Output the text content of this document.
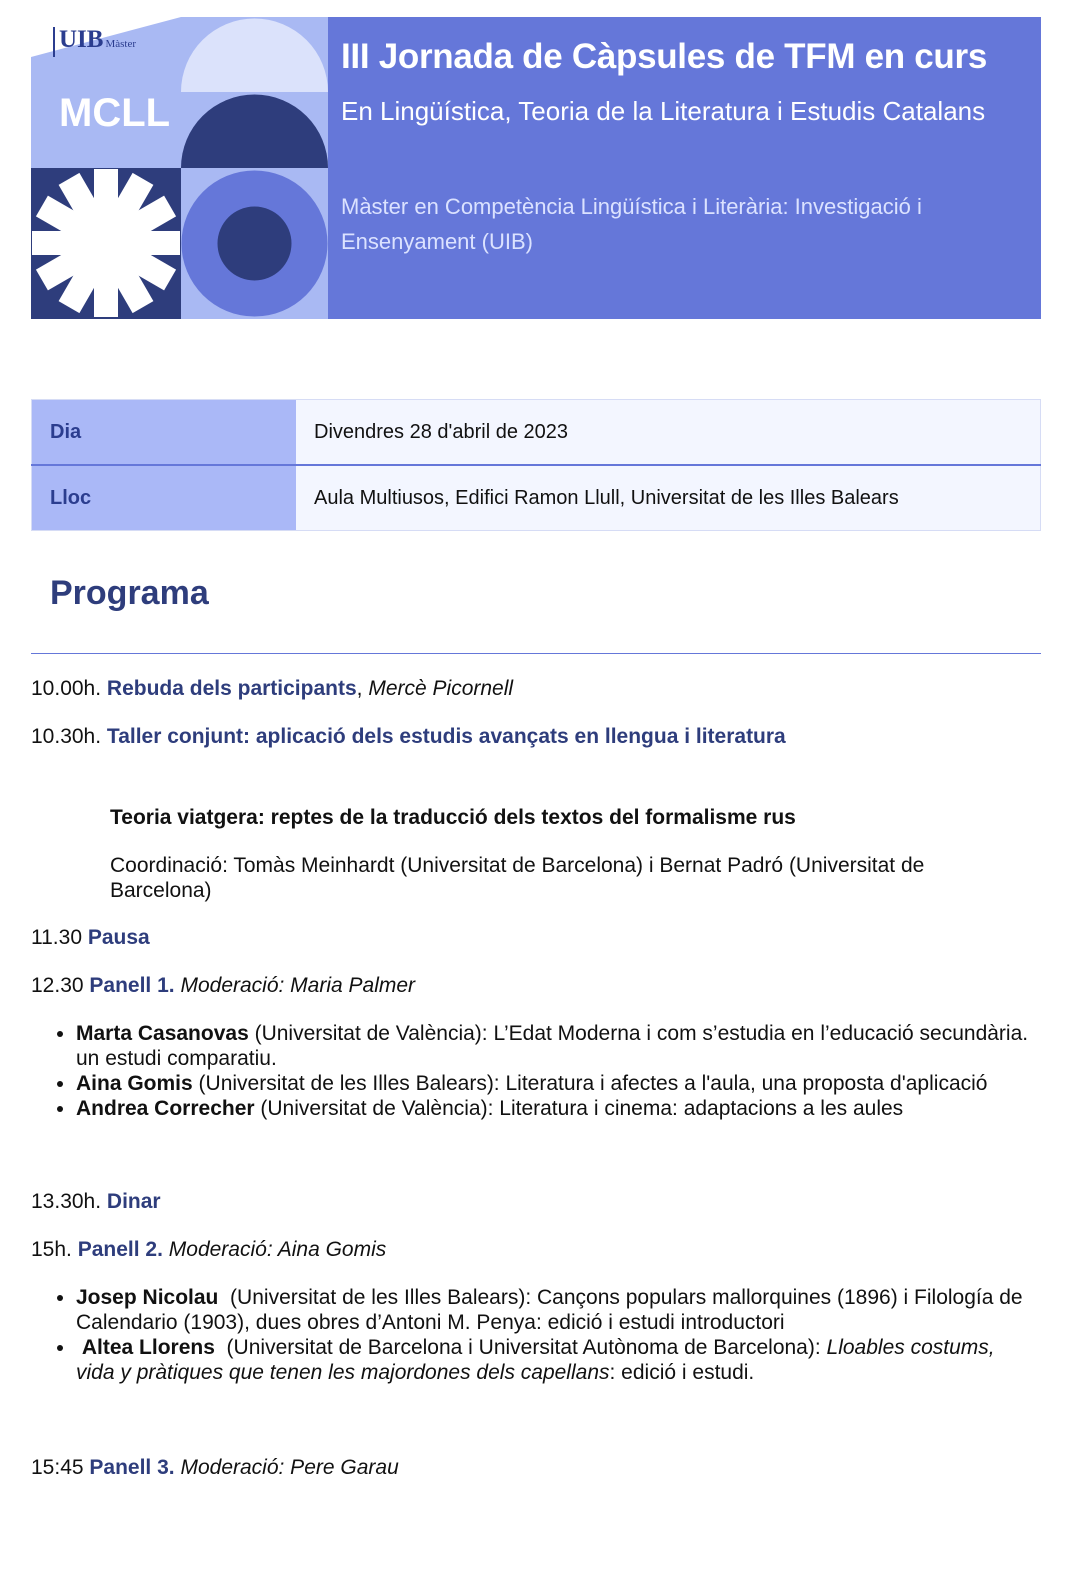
UIB Màster
MCLL
III Jornada de Càpsules de TFM en curs

En Lingüística, Teoria de la Literatura i Estudis Catalans

Màster en Competència Lingüística i Literària: Investigació i Ensenyament (UIB)

Dia	Divendres 28 d'abril de 2023
Lloc	Aula Multiusos, Edifici Ramon Llull, Universitat de les Illes Balears
Programa

10.00h. Rebuda dels participants, Mercè Picornell

10.30h. Taller conjunt: aplicació dels estudis avançats en llengua i literatura

Teoria viatgera: reptes de la traducció dels textos del formalisme rus

Coordinació: Tomàs Meinhardt (Universitat de Barcelona) i Bernat Padró (Universitat de Barcelona)

11.30 Pausa

12.30 Panell 1. Moderació: Maria Palmer

• Marta Casanovas (Universitat de València): L’Edat Moderna i com s’estudia en l’educació secundària. un estudi comparatiu.
• Aina Gomis (Universitat de les Illes Balears): Literatura i afectes a l'aula, una proposta d'aplicació
• Andrea Correcher (Universitat de València): Literatura i cinema: adaptacions a les aules

13.30h. Dinar

15h. Panell 2. Moderació: Aina Gomis

• Josep Nicolau  (Universitat de les Illes Balears): Cançons populars mallorquines (1896) i Filología de Calendario (1903), dues obres d’Antoni M. Penya: edició i estudi introductori
•  Altea Llorens  (Universitat de Barcelona i Universitat Autònoma de Barcelona): Lloables costums, vida y pràtiques que tenen les majordones dels capellans: edició i estudi.

15:45 Panell 3. Moderació: Pere Garau
